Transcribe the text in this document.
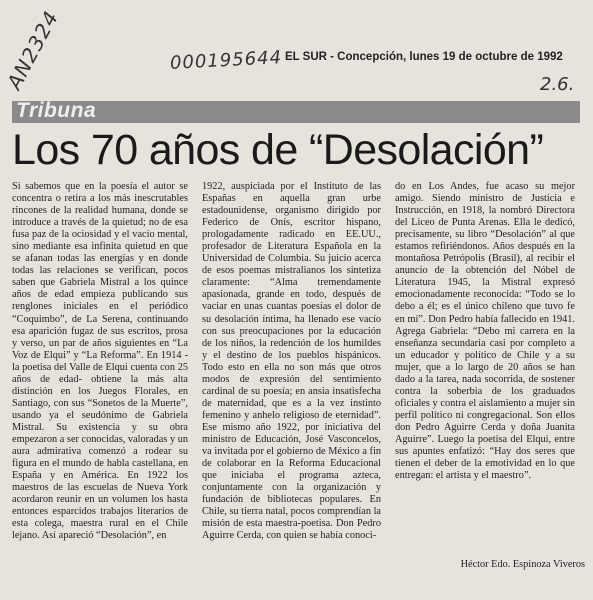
AN2324	000195644
2.6.
EL SUR - Concepción, lunes 19 de octubre de 1992
Tribuna
Los 70 años de “Desolación”

Si sabemos que en la poesía el autor se concentra o retira a los más inescrutables rincones de la realidad humana, donde se introduce a través de la quietud; no de esa fusa paz de la ociosidad y el vacío mental, sino mediante esa infinita quietud en que se afanan todas las energías y en donde todas las relaciones se verifican, pocos saben que Gabriela Mistral a los quince años de edad empieza publicando sus renglones iniciales en el periódico “Coquimbo”, de La Serena, continuando esa aparición fugaz de sus escritos, prosa y verso, un par de años siguientes en “La Voz de Elqui” y “La Reforma”. En 1914 -la poetisa del Valle de Elqui cuenta con 25 años de edad- obtiene la más alta distinción en los Juegos Florales, en Santiago, con sus “Sonetos de la Muerte”, usando ya el seudónimo de Gabriela Mistral. Su existencia y su obra empezaron a ser conocidas, valoradas y un aura admirativa comenzó a rodear su figura en el mundo de habla castellana, en España y en América. En 1922 los maestros de las escuelas de Nueva York acordaron reunir en un volumen los hasta entonces esparcidos trabajos literarios de esta colega, maestra rural en el Chile lejano. Así apareció “Desolación”, en

1922, auspiciada por el Instituto de las Españas en aquella gran urbe estadounidense, organismo dirigido por Federico de Onís, escritor hispano, prologadamente radicado en EE.UU., profesador de Literatura Española en la Universidad de Columbia. Su juicio acerca de esos poemas mistralianos los sintetiza claramente: “Alma tremendamente apasionada, grande en todo, después de vaciar en unas cuantas poesías el dolor de su desolación íntima, ha llenado ese vacío con sus preocupaciones por la educación de los niños, la redención de los humildes y el destino de los pueblos hispánicos. Todo esto en ella no son más que otros modos de expresión del sentimiento cardinal de su poesía; en ansia insatisfecha de maternidad, que es a la vez instinto femenino y anhelo religioso de eternidad”. Ese mismo año 1922, por iniciativa del ministro de Educación, José Vasconcelos, va invitada por el gobierno de México a fin de colaborar en la Reforma Educacional que iniciaba el programa azteca, conjuntamente con la organización y fundación de bibliotecas populares. En Chile, su tierra natal, pocos comprendían la misión de esta maestra-poetisa. Don Pedro Aguirre Cerda, con quien se había conoci-

do en Los Andes, fue acaso su mejor amigo. Siendo ministro de Justicia e Instrucción, en 1918, la nombró Directora del Liceo de Punta Arenas. Ella le dedicó, precisamente, su libro “Desolación” al que estamos refiriéndonos. Años después en la montañosa Petrópolis (Brasil), al recibir el anuncio de la obtención del Nóbel de Literatura 1945, la Mistral expresó emocionadamente reconocida: “Todo se lo debo a él; es el único chileno que tuvo fe en mí”. Don Pedro había fallecido en 1941. Agrega Gabriela: “Debo mi carrera en la enseñanza secundaria casi por completo a un educador y político de Chile y a su mujer, que a lo largo de 20 años se han dado a la tarea, nada socorrida, de sostener contra la soberbia de los graduados oficiales y contra el aislamiento a mujer sin perfil político ni congregacional. Son ellos don Pedro Aguirre Cerda y doña Juanita Aguirre”. Luego la poetisa del Elqui, entre sus apuntes enfatizó: “Hay dos seres que tienen el deber de la emotividad en lo que entregan: el artista y el maestro”.

Héctor Edo. Espinoza Viveros
